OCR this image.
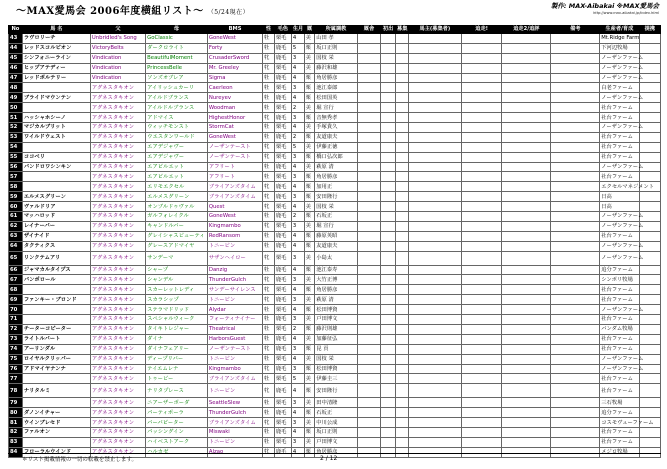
〜MAX愛馬会 2006年度横組リスト〜 （5/24現在）
製作: MAX-Aibakai ※MAX愛馬会
http://www.max-aibakai.jp/index.html
No	馬 名	父	母	BMS	性	毛色	生月	厩	所属調教	厩舎	初出	募集	馬主(募集者)	追走!	追走2/追評	備考	生産者/育成	提携
43	ラヴロリーチ	Unbridled's Song	GoClassic	GoneWest	牡	栗毛	4	美	山田 孝								Mt.Ridge Farm	
44	レッドスコルピオン	VictoryBelts	ダークロライト	Forty	牡	鹿毛	5	栗	坂口正則								下河辺牧場	
45	シンフォニーライン	Vindication	BeautifulMoment	CrusaderSword	牝	鹿毛	3	美	国枝 栄								ノーザンファーム	
46	ヒップアテディー	Vindication	PrincessBelle	Mr. Greeley	牝	栗毛	4	美	藤沢和雄								ノーザンファーム	
47	レッドボルテリー	Vindication	ソンズオブレア	Sigma	牡	鹿毛	4	栗	角居勝彦								ノーザンファーム	
48		アグネスタキオン	アイリッシュカーリ	Caerleon	牡	栗毛	3	栗	池江泰郎								白老ファーム	
49	ブライドマウンテン	アグネスタキオン	アイルドブランス	Nureyev	牡	鹿毛	4	栗	松田国英								ノーザンファーム	
50		アグネスタキオン	アイルドルブランス	Woodman	牡	栗毛	2	美	堀 宣行								社台ファーム	
51	ハッシャホシーノ	アグネスタキオン	アドマイス	HighestHonor	牝	鹿毛	3	栗	音無秀孝								社台ファーム	
52	マジカルブリット	アグネスタキオン	ウィッチモンスト	StormCat	牡	栗毛	4	美	手塚貴久								ノーザンファーム	
53	ワイルドウェスト	アグネスタキオン	ウエスタンワールド	GoneWest	牡	鹿毛	2	栗	友道康夫								社台ファーム	
54		アグネスタキオン	エアデジャヴー	ノーザンテースト	牝	栗毛	5	美	伊藤正徳								社台ファーム	
55	ココベリ	アグネスタキオン	エアデジャヴー	ノーザンテースト	牝	栗毛	3	栗	橋口弘次郎								社台ファーム	
56	バンドロワシンキン	アグネスタキオン	エアピルエット	アフリート	牡	鹿毛	4	美	萩原 清								ノーザンファーム	
57		アグネスタキオン	エアピルエット	アフリート	牡	栗毛	3	栗	角居勝彦								社台ファーム	
58		アグネスタキオン	エリモエクセル	ブライアンズタイム	牝	鹿毛	4	栗	加用正								エクセルマネジメント	
59	エルメスグリーン	アグネスタキオン	エルメスグリーン	ブライアンズタイム	牝	鹿毛	3	栗	安田隆行								日高	
60	ヴァルドリア	アグネスタキオン	オンブルドゥヴァル	Quest	牝	栗毛	4	美	国枝 栄								日高	
61	マッハロッド	アグネスタキオン	ガルフォレイクル	GoneWest	牡	鹿毛	2	栗	石坂正								ノーザンファーム	
62	レイナーバー	アグネスタキオン	キャンドルバー	Kingmambo	牝	栗毛	3	美	堀 宣行								ノーザンファーム	
63	ザイナイド	アグネスタキオン	グレイシャスビューティ	RedRansom	牡	鹿毛	4	栗	藤原英昭								社台ファーム	
64	タクティクス	アグネスタキオン	グレースアドマイヤ	トニービン	牡	鹿毛	4	栗	友道康夫								ノーザンファーム	
65	リンクテムアリ	アグネスタキオン	サンデーマ	サザンヘイロー	牝	栗毛	3	美	小島太								ノーザンファーム	
66	ジャマカルタイプス	アグネスタキオン	シャープ	Danzig	牡	鹿毛	4	栗	池江泰寿								追分ファーム	
67	バンポロール	アグネスタキオン	シャンデル	ThunderGulch	牝	鹿毛	3	美	大竹正博								シンボリ牧場	
68		アグネスタキオン	スカーレットレディ	サンデーサイレンス	牝	栗毛	4	栗	角居勝彦								社台ファーム	
69	ファンキー・ブロンド	アグネスタキオン	スカラシップ	トニービン	牝	鹿毛	3	美	萩原 清								社台ファーム	
70		アグネスタキオン	ステラマドリッド	Alydar	牡	栗毛	4	栗	松田博資								ノーザンファーム	
71		アグネスタキオン	スペシャルウィーク	フォーティナイナー	牡	鹿毛	3	美	戸田博文								社台ファーム	
72	チーターコピーター	アグネスタキオン	タイキトレジャー	Theatrical	牡	栗毛	2	栗	藤沢則雄								バンダム牧場	
73	ライトルバート	アグネスタキオン	ダイナ	HarborsGuest	牡	鹿毛	4	美	加藤征弘								社台ファーム	
74	アーリンダル	アグネスタキオン	ダイナフェアリー	ノーザンテースト	牝	鹿毛	3	栗	昆 貢								社台ファーム	
75	ロイヤルクリッパー	アグネスタキオン	ディープリバー	トニービン	牡	栗毛	4	美	国枝 栄								ノーザンファーム	
76	アドマイヤナンナ	アグネスタキオン	テイエムレナ	Kingmambo	牝	鹿毛	3	栗	松田博資								ノーザンファーム	
77		アグネスタキオン	トゥービー	ブライアンズタイム	牡	栗毛	5	美	伊藤圭三								社台ファーム	
78	ナリタルミ	アグネスタキオン	ナリタプレース	トニービン	牝	鹿毛	4	栗	安田隆行								社台ファーム	
79		アグネスタキオン	ニアーザーボーダ	SeattleSlew	牡	栗毛	3	美	田中清隆								三石牧場	
80	ダノンイチャー	アグネスタキオン	パーティポーラ	ThunderGulch	牡	鹿毛	4	栗	石坂正								追分ファーム	
81	ウインブレセド	アグネスタキオン	バーバピーター	ブライアンズタイム	牝	栗毛	3	美	中川公成								コスモヴューファーム	
82	ファルオン	アグネスタキオン	パッシングイン	Miswaki	牡	鹿毛	4	栗	坂口正則								社台ファーム	
83		アグネスタキオン	ハイベストアーク	トニービン	牡	栗毛	3	美	戸田博文								社台ファーム	
84	フローラルウインド	アグネスタキオン	ハルカゼ	Alzao	牝	鹿毛	4	栗	角居勝彦								メジロ牧場	
＊リスト掲載情報の一切の転載を禁止します。	2 / 12
